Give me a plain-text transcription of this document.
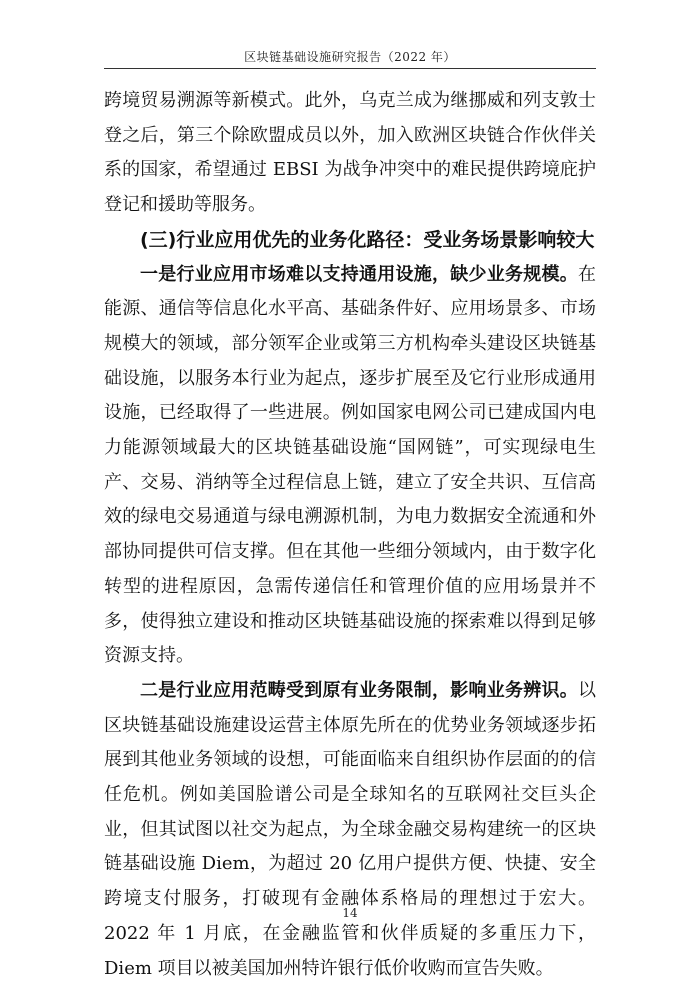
区块链基础设施研究报告（2022 年）

跨境贸易溯源等新模式。此外，乌克兰成为继挪威和列支敦士登之后，第三个除欧盟成员以外，加入欧洲区块链合作伙伴关系的国家，希望通过 EBSI 为战争冲突中的难民提供跨境庇护登记和援助等服务。

(三)行业应用优先的业务化路径：受业务场景影响较大

一是行业应用市场难以支持通用设施，缺少业务规模。在能源、通信等信息化水平高、基础条件好、应用场景多、市场规模大的领域，部分领军企业或第三方机构牵头建设区块链基础设施，以服务本行业为起点，逐步扩展至及它行业形成通用设施，已经取得了一些进展。例如国家电网公司已建成国内电力能源领域最大的区块链基础设施“国网链”，可实现绿电生产、交易、消纳等全过程信息上链，建立了安全共识、互信高效的绿电交易通道与绿电溯源机制，为电力数据安全流通和外部协同提供可信支撑。但在其他一些细分领域内，由于数字化转型的进程原因，急需传递信任和管理价值的应用场景并不多，使得独立建设和推动区块链基础设施的探索难以得到足够资源支持。

二是行业应用范畴受到原有业务限制，影响业务辨识。以区块链基础设施建设运营主体原先所在的优势业务领域逐步拓展到其他业务领域的设想，可能面临来自组织协作层面的的信任危机。例如美国脸谱公司是全球知名的互联网社交巨头企业，但其试图以社交为起点，为全球金融交易构建统一的区块链基础设施 Diem，为超过 20 亿用户提供方便、快捷、安全跨境支付服务，打破现有金融体系格局的理想过于宏大。2022 年 1 月底，在金融监管和伙伴质疑的多重压力下，Diem 项目以被美国加州特许银行低价收购而宣告失败。

14
